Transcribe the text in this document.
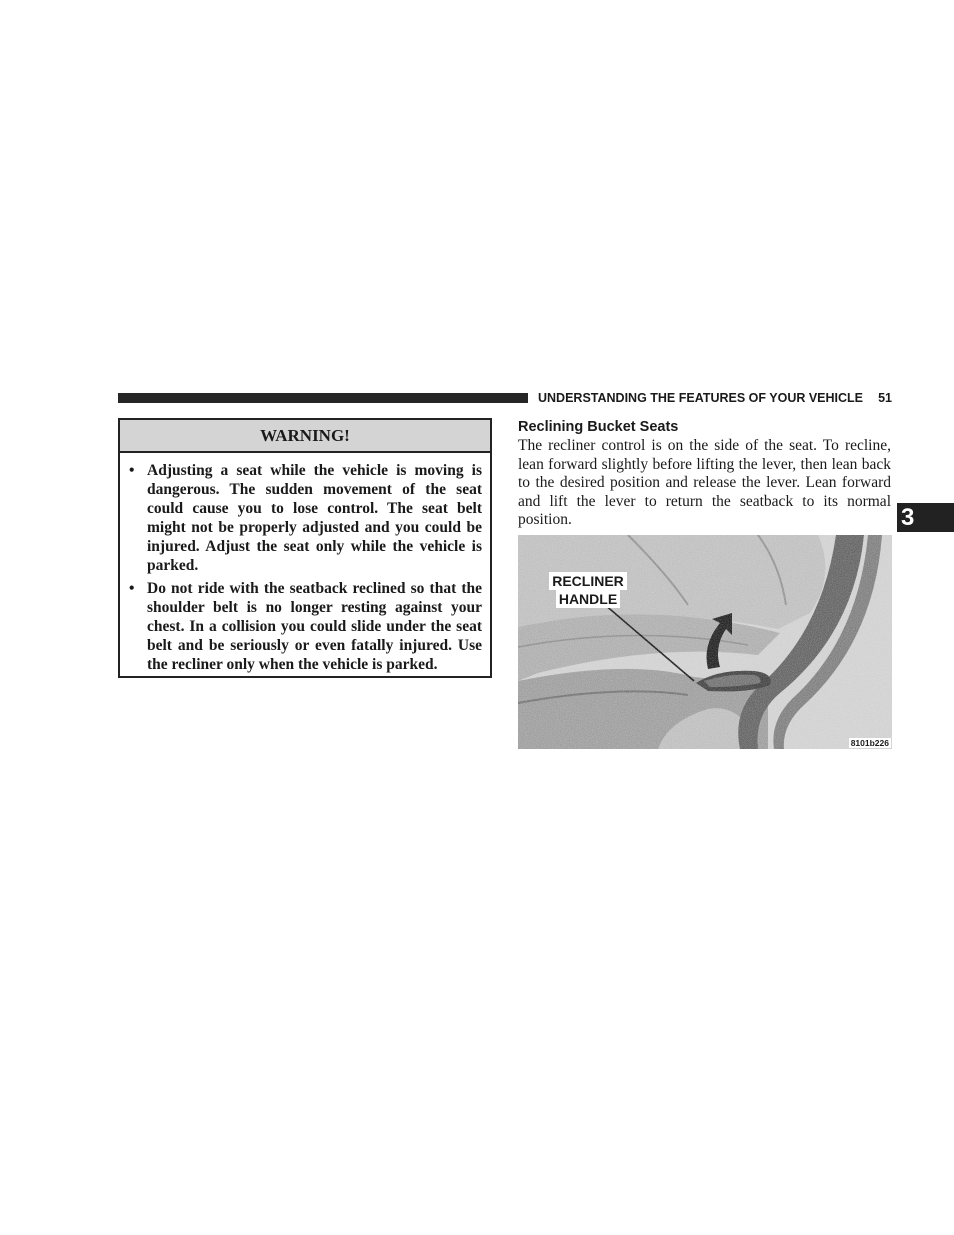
UNDERSTANDING THE FEATURES OF YOUR VEHICLE 51
WARNING!
• Adjusting a seat while the vehicle is moving is dangerous. The sudden movement of the seat could cause you to lose control. The seat belt might not be properly adjusted and you could be injured. Adjust the seat only while the vehicle is parked.
• Do not ride with the seatback reclined so that the shoulder belt is no longer resting against your chest. In a collision you could slide under the seat belt and be seriously or even fatally injured. Use the recliner only when the vehicle is parked.
Reclining Bucket Seats

The recliner control is on the side of the seat. To recline, lean forward slightly before lifting the lever, then lean back to the desired position and release the lever. Lean forward and lift the lever to return the seatback to its normal position.

RECLINER
HANDLE
8101b226
3
